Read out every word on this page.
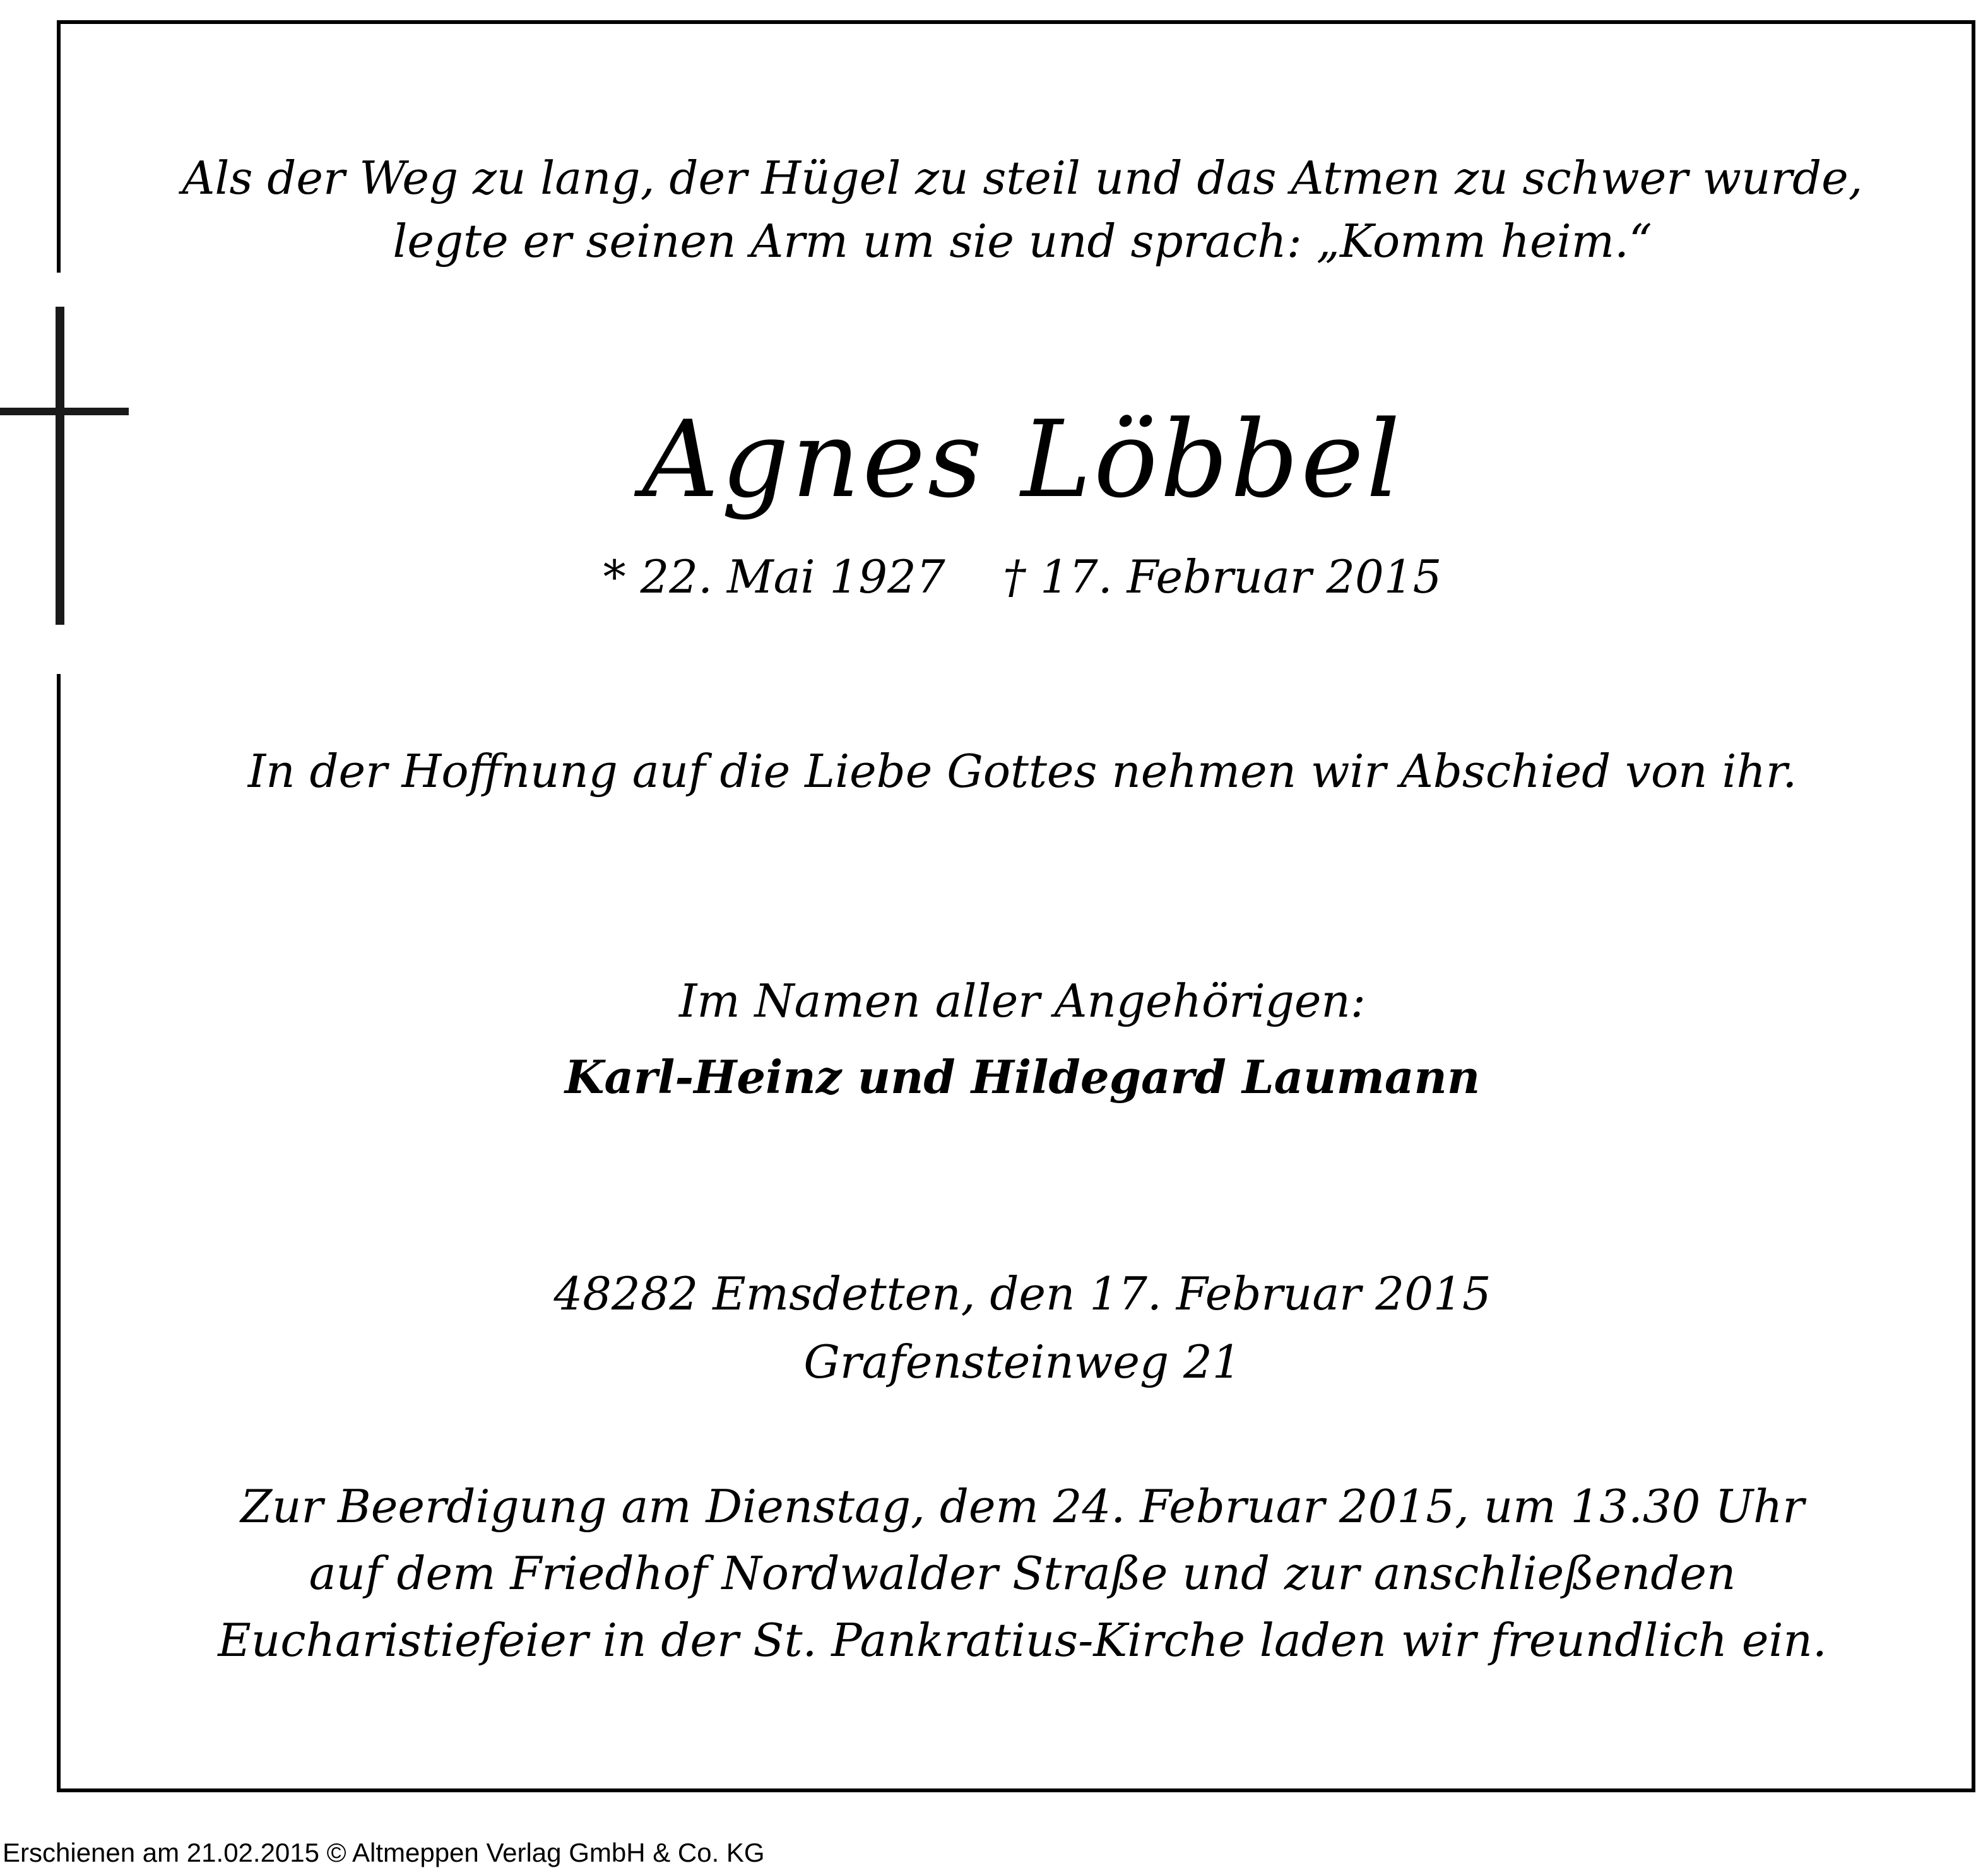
Als der Weg zu lang, der Hügel zu steil und das Atmen zu schwer wurde,
legte er seinen Arm um sie und sprach: „Komm heim.“
Agnes Löbbel
* 22. Mai 1927    † 17. Februar 2015
In der Hoffnung auf die Liebe Gottes nehmen wir Abschied von ihr.
Im Namen aller Angehörigen:
Karl-Heinz und Hildegard Laumann
48282 Emsdetten, den 17. Februar 2015
Grafensteinweg 21
Zur Beerdigung am Dienstag, dem 24. Februar 2015, um 13.30 Uhr
auf dem Friedhof Nordwalder Straße und zur anschließenden
Eucharistiefeier in der St. Pankratius-Kirche laden wir freundlich ein.
Erschienen am 21.02.2015 © Altmeppen Verlag GmbH & Co. KG
